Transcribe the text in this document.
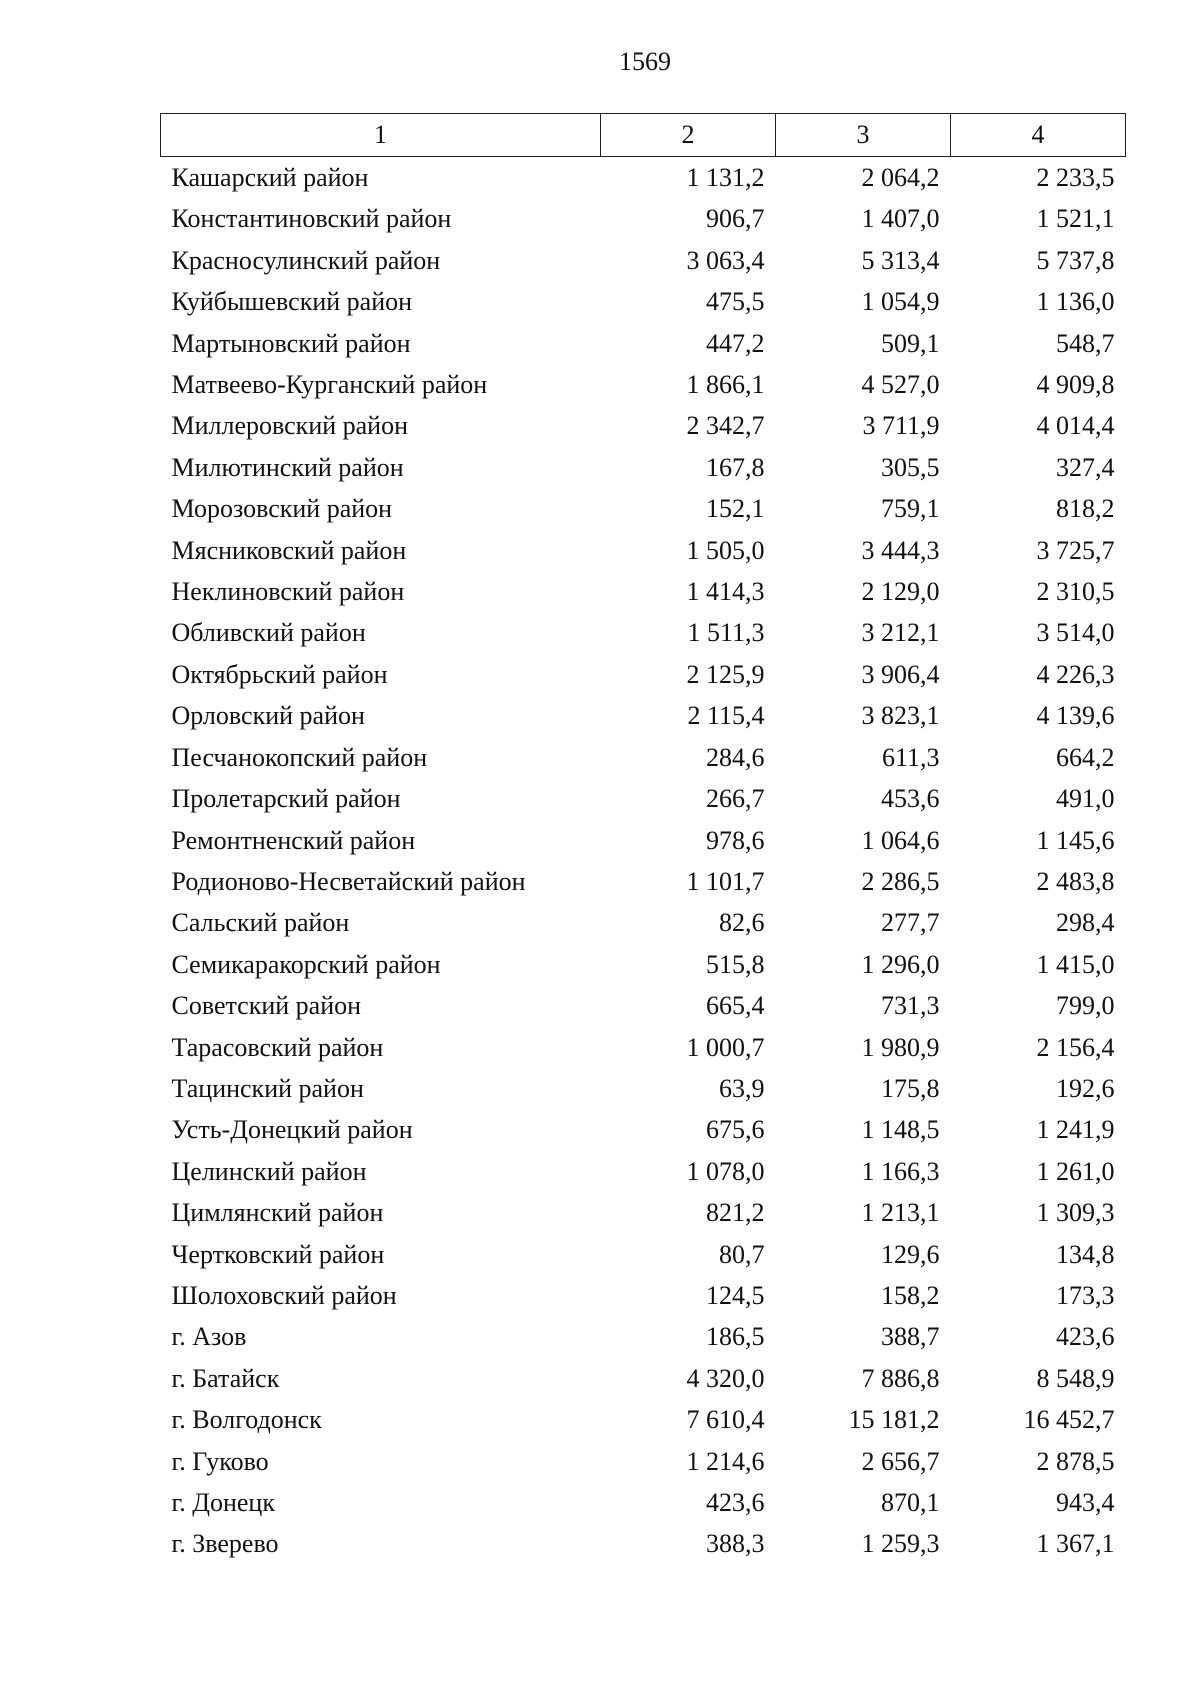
1569
1	2	3	4
Кашарский район	1 131,2	2 064,2	2 233,5
Константиновский район	906,7	1 407,0	1 521,1
Красносулинский район	3 063,4	5 313,4	5 737,8
Куйбышевский район	475,5	1 054,9	1 136,0
Мартыновский район	447,2	509,1	548,7
Матвеево-Курганский район	1 866,1	4 527,0	4 909,8
Миллеровский район	2 342,7	3 711,9	4 014,4
Милютинский район	167,8	305,5	327,4
Морозовский район	152,1	759,1	818,2
Мясниковский район	1 505,0	3 444,3	3 725,7
Неклиновский район	1 414,3	2 129,0	2 310,5
Обливский район	1 511,3	3 212,1	3 514,0
Октябрьский район	2 125,9	3 906,4	4 226,3
Орловский район	2 115,4	3 823,1	4 139,6
Песчанокопский район	284,6	611,3	664,2
Пролетарский район	266,7	453,6	491,0
Ремонтненский район	978,6	1 064,6	1 145,6
Родионово-Несветайский район	1 101,7	2 286,5	2 483,8
Сальский район	82,6	277,7	298,4
Семикаракорский район	515,8	1 296,0	1 415,0
Советский район	665,4	731,3	799,0
Тарасовский район	1 000,7	1 980,9	2 156,4
Тацинский район	63,9	175,8	192,6
Усть-Донецкий район	675,6	1 148,5	1 241,9
Целинский район	1 078,0	1 166,3	1 261,0
Цимлянский район	821,2	1 213,1	1 309,3
Чертковский район	80,7	129,6	134,8
Шолоховский район	124,5	158,2	173,3
г. Азов	186,5	388,7	423,6
г. Батайск	4 320,0	7 886,8	8 548,9
г. Волгодонск	7 610,4	15 181,2	16 452,7
г. Гуково	1 214,6	2 656,7	2 878,5
г. Донецк	423,6	870,1	943,4
г. Зверево	388,3	1 259,3	1 367,1
